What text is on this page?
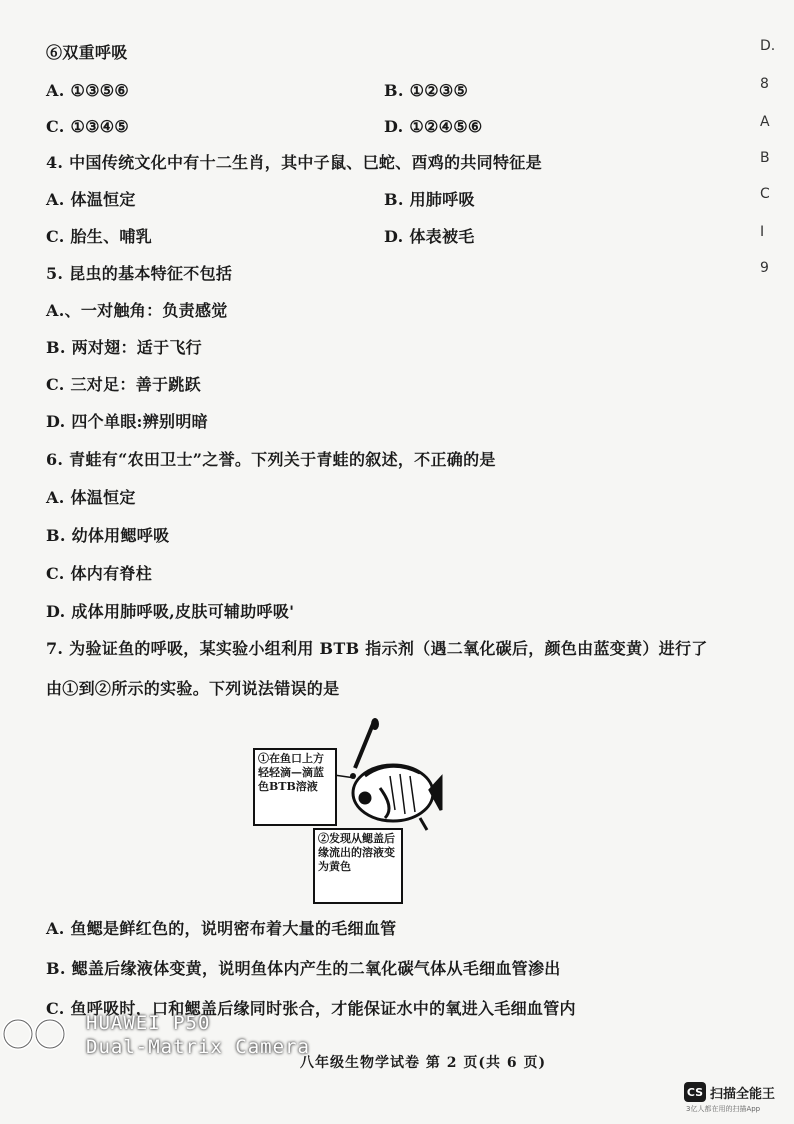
⑥双重呼吸
A. ①③⑤⑥	B. ①②③⑤
C. ①③④⑤	D. ①②④⑤⑥
4. 中国传统文化中有十二生肖，其中子鼠、巳蛇、酉鸡的共同特征是
A. 体温恒定	B. 用肺呼吸
C. 胎生、哺乳	D. 体表被毛
5. 昆虫的基本特征不包括
A.、一对触角：负责感觉
B. 两对翅：适于飞行
C. 三对足：善于跳跃
D. 四个单眼:辨别明暗
6. 青蛙有“农田卫士”之誉。下列关于青蛙的叙述，不正确的是
A. 体温恒定
B. 幼体用鳃呼吸
C. 体内有脊柱
D. 成体用肺呼吸,皮肤可辅助呼吸'
7. 为验证鱼的呼吸，某实验小组利用 BTB 指示剂（遇二氧化碳后，颜色由蓝变黄）进行了
由①到②所示的实验。下列说法错误的是
①在鱼口上方轻轻滴—滴蓝色BTB溶液
②发现从鳃盖后缘流出的溶液变为黄色
A. 鱼鳃是鲜红色的，说明密布着大量的毛细血管
B. 鳃盖后缘液体变黄，说明鱼体内产生的二氧化碳气体从毛细血管渗出
C. 鱼呼吸时，口和鳃盖后缘同时张合，才能保证水中的氧进入毛细血管内
D.
8
A
B
C
I
9
HUAWEI P50
Dual-Matrix Camera
八年级生物学试卷 第 2 页(共 6 页)
CS 扫描全能王
3亿人都在用的扫描App
